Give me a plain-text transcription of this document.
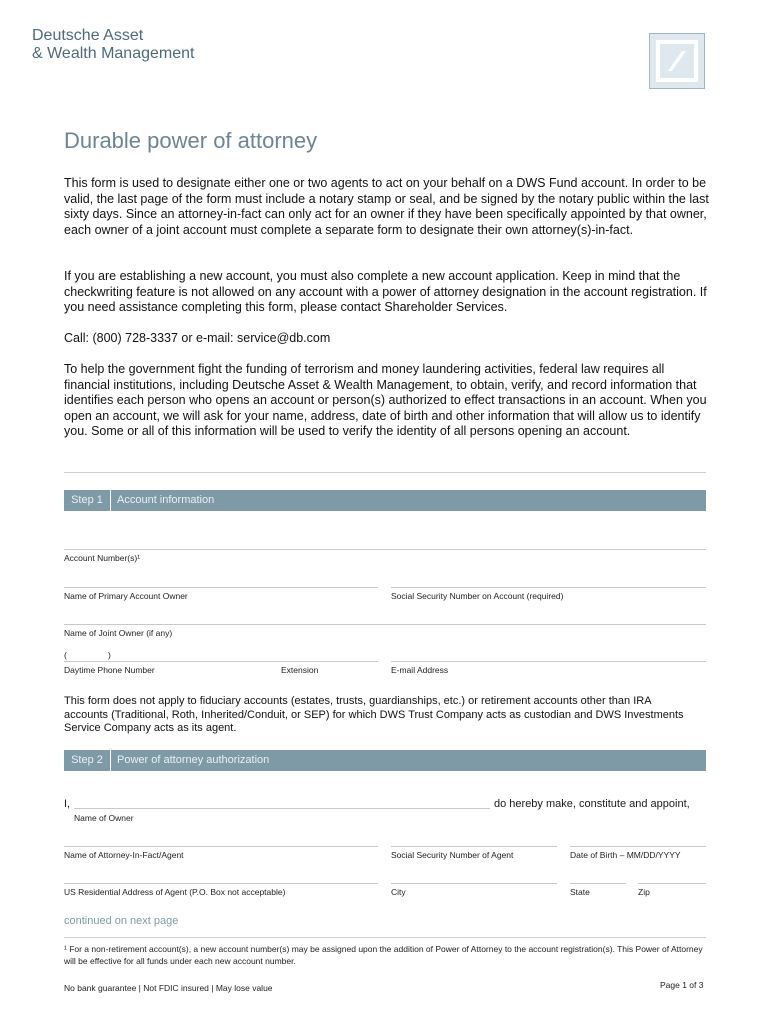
Deutsche Asset
& Wealth Management
Durable power of attorney
This form is used to designate either one or two agents to act on your behalf on a DWS Fund account. In order to be valid, the last page of the form must include a notary stamp or seal, and be signed by the notary public within the last sixty days. Since an attorney-in-fact can only act for an owner if they have been specifically appointed by that owner, each owner of a joint account must complete a separate form to designate their own attorney(s)-in-fact.
If you are establishing a new account, you must also complete a new account application. Keep in mind that the checkwriting feature is not allowed on any account with a power of attorney designation in the account registration. If you need assistance completing this form, please contact Shareholder Services.
Call: (800) 728-3337 or e-mail: service@db.com
To help the government fight the funding of terrorism and money laundering activities, federal law requires all financial institutions, including Deutsche Asset & Wealth Management, to obtain, verify, and record information that identifies each person who opens an account or person(s) authorized to effect transactions in an account. When you open an account, we will ask for your name, address, date of birth and other information that will allow us to identify you. Some or all of this information will be used to verify the identity of all persons opening an account.
Step 1	Account information
Account Number(s)¹
Name of Primary Account Owner	Social Security Number on Account (required)
Name of Joint Owner (if any)
(	)
Daytime Phone Number	Extension	E-mail Address
This form does not apply to fiduciary accounts (estates, trusts, guardianships, etc.) or retirement accounts other than IRA accounts (Traditional, Roth, Inherited/Conduit, or SEP) for which DWS Trust Company acts as custodian and DWS Investments Service Company acts as its agent.
Step 2	Power of attorney authorization
I,	do hereby make, constitute and appoint,
Name of Owner
Name of Attorney-In-Fact/Agent	Social Security Number of Agent	Date of Birth – MM/DD/YYYY
US Residential Address of Agent (P.O. Box not acceptable)	City	State	Zip
continued on next page
¹ For a non-retirement account(s), a new account number(s) may be assigned upon the addition of Power of Attorney to the account registration(s). This Power of Attorney will be effective for all funds under each new account number.
No bank guarantee | Not FDIC insured | May lose value	Page 1 of 3
